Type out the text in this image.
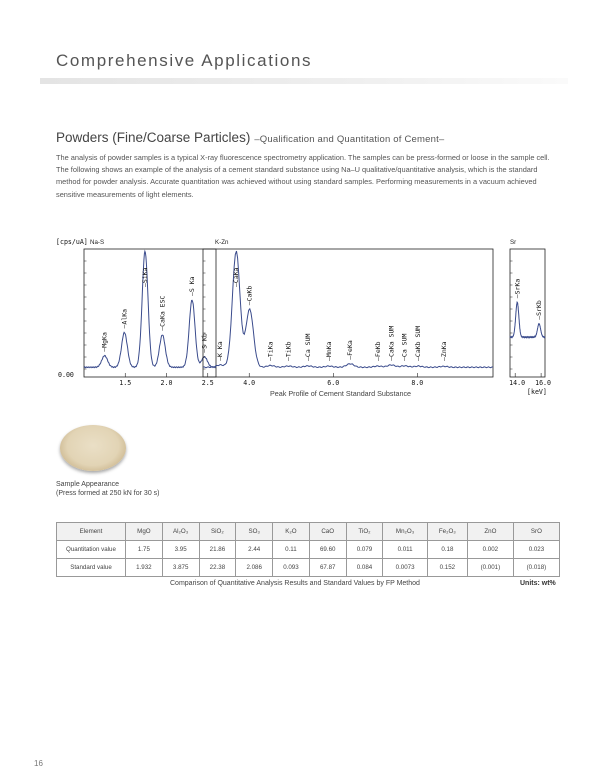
Comprehensive Applications
Powders (Fine/Coarse Particles) –Qualification and Quantitation of Cement–

The analysis of powder samples is a typical X-ray fluorescence spectrometry application. The samples can be press-formed or loose in the sample cell.

The following shows an example of the analysis of a cement standard substance using Na–U qualitative/quantitative analysis, which is the standard method for powder analysis. Accurate quantitation was achieved without using standard samples. Performing measurements in a vacuum achieved sensitive measurements of light elements.

[cps/uA] Na-S	K-Zn	Sr
0.00
[keV]
1.5	2.0	2.5
—MgKa
—AlKa
—SiKa
—CaKa ESC
—S Ka
—S Kb
4.0	6.0	8.0
—K Ka
—CaKa
—CaKb
—TiKa —TiKb —Ca SUM —MnKa —FeKa	—FeKb —CaKa SUM —Ca SUM —CaKb SUM	—ZnKa
14.0 16.0
—SrKa
—SrKb
Peak Profile of Cement Standard Substance
Sample Appearance
(Press formed at 250 kN for 30 s)
Element	MgO	Al₂O₃	SiO₂	SO₃	K₂O	CaO	TiO₂	Mn₂O₃	Fe₂O₃	ZnO	SrO
Quantitation value	1.75	3.95	21.86	2.44	0.11	69.60	0.079	0.011	0.18	0.002	0.023
Standard value	1.932	3.875	22.38	2.086	0.093	67.87	0.084	0.0073	0.152	(0.001)	(0.018)
Comparison of Quantitative Analysis Results and Standard Values by FP Method	Units: wt%
16
